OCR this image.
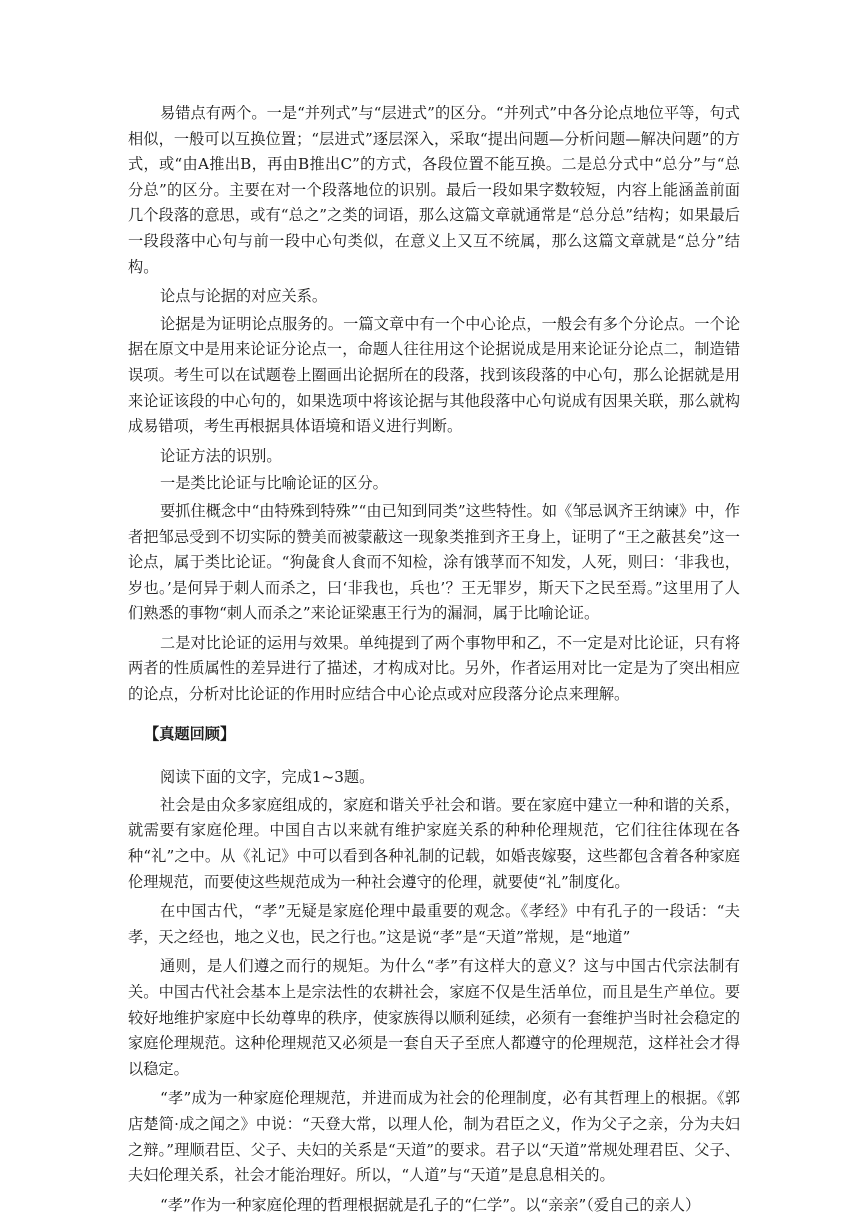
易错点有两个。一是“并列式”与“层进式”的区分。“并列式”中各分论点地位平等，句式相似，一般可以互换位置；“层进式”逐层深入，采取“提出问题—分析问题—解决问题”的方式，或“由A推出B，再由B推出C”的方式，各段位置不能互换。二是总分式中“总分”与“总分总”的区分。主要在对一个段落地位的识别。最后一段如果字数较短，内容上能涵盖前面几个段落的意思，或有“总之”之类的词语，那么这篇文章就通常是“总分总”结构；如果最后一段段落中心句与前一段中心句类似，在意义上又互不统属，那么这篇文章就是“总分”结构。

论点与论据的对应关系。

论据是为证明论点服务的。一篇文章中有一个中心论点，一般会有多个分论点。一个论据在原文中是用来论证分论点一，命题人往往用这个论据说成是用来论证分论点二，制造错误项。考生可以在试题卷上圈画出论据所在的段落，找到该段落的中心句，那么论据就是用来论证该段的中心句的，如果选项中将该论据与其他段落中心句说成有因果关联，那么就构成易错项，考生再根据具体语境和语义进行判断。

论证方法的识别。

一是类比论证与比喻论证的区分。

要抓住概念中“由特殊到特殊”“由已知到同类”这些特性。如《邹忌讽齐王纳谏》中，作者把邹忌受到不切实际的赞美而被蒙蔽这一现象类推到齐王身上，证明了“王之蔽甚矣”这一论点，属于类比论证。“狗彘食人食而不知检，涂有饿莩而不知发，人死，则曰：‘非我也，岁也。’是何异于刺人而杀之，曰‘非我也，兵也’？王无罪岁，斯天下之民至焉。”这里用了人们熟悉的事物“刺人而杀之”来论证梁惠王行为的漏洞，属于比喻论证。

二是对比论证的运用与效果。单纯提到了两个事物甲和乙，不一定是对比论证，只有将两者的性质属性的差异进行了描述，才构成对比。另外，作者运用对比一定是为了突出相应的论点，分析对比论证的作用时应结合中心论点或对应段落分论点来理解。

【真题回顾】

阅读下面的文字，完成1~3题。

社会是由众多家庭组成的，家庭和谐关乎社会和谐。要在家庭中建立一种和谐的关系，就需要有家庭伦理。中国自古以来就有维护家庭关系的种种伦理规范，它们往往体现在各种“礼”之中。从《礼记》中可以看到各种礼制的记载，如婚丧嫁娶，这些都包含着各种家庭伦理规范，而要使这些规范成为一种社会遵守的伦理，就要使“礼”制度化。

在中国古代，“孝”无疑是家庭伦理中最重要的观念。《孝经》中有孔子的一段话：“夫孝，天之经也，地之义也，民之行也。”这是说“孝”是“天道”常规，是“地道”

通则，是人们遵之而行的规矩。为什么“孝”有这样大的意义？这与中国古代宗法制有关。中国古代社会基本上是宗法性的农耕社会，家庭不仅是生活单位，而且是生产单位。要较好地维护家庭中长幼尊卑的秩序，使家族得以顺利延续，必须有一套维护当时社会稳定的家庭伦理规范。这种伦理规范又必须是一套自天子至庶人都遵守的伦理规范，这样社会才得以稳定。

“孝”成为一种家庭伦理规范，并进而成为社会的伦理制度，必有其哲理上的根据。《郭店楚简·成之闻之》中说：“天登大常，以理人伦，制为君臣之义，作为父子之亲，分为夫妇之辩。”理顺君臣、父子、夫妇的关系是“天道”的要求。君子以“天道”常规处理君臣、父子、夫妇伦理关系，社会才能治理好。所以，“人道”与“天道”是息息相关的。

“孝”作为一种家庭伦理的哲理根据就是孔子的“仁学”。以“亲亲”（爱自己的亲人）
